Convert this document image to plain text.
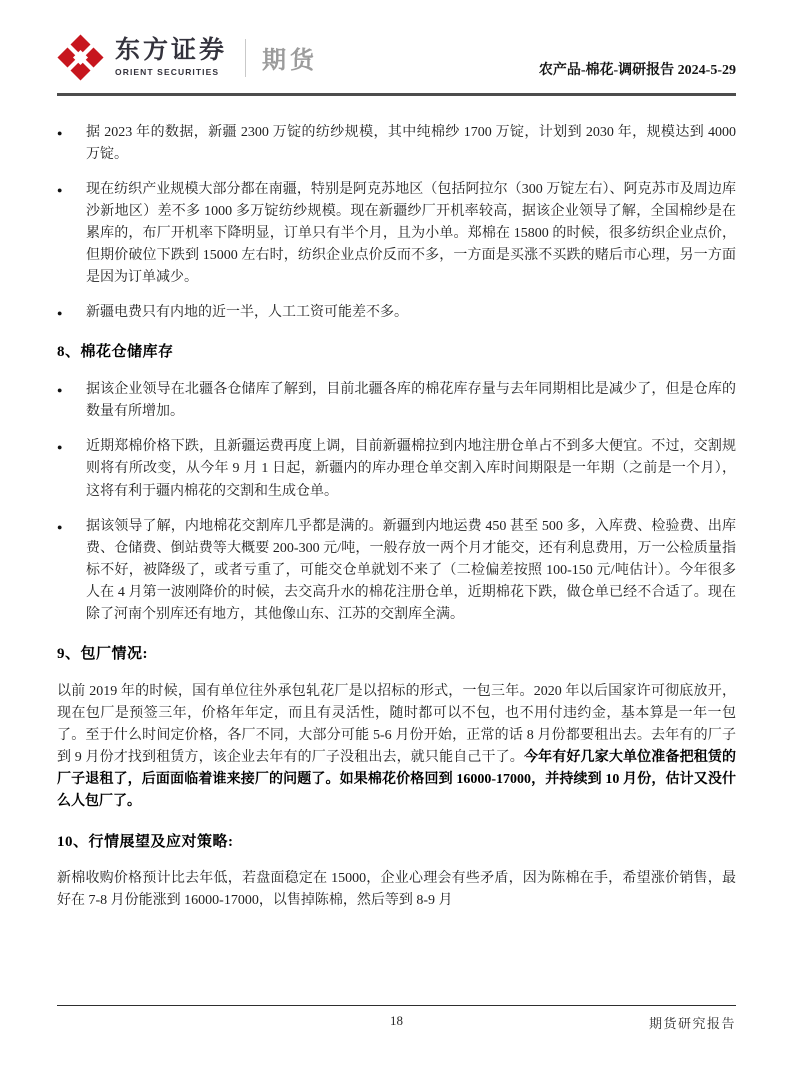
东方证券
ORIENT SECURITIES	期货	农产品-棉花-调研报告 2024-5-29
● 据 2023 年的数据，新疆 2300 万锭的纺纱规模，其中纯棉纱 1700 万锭，计划到 2030 年，规模达到 4000 万锭。
● 现在纺织产业规模大部分都在南疆，特别是阿克苏地区（包括阿拉尔（300 万锭左右）、阿克苏市及周边库沙新地区）差不多 1000 多万锭纺纱规模。现在新疆纱厂开机率较高，据该企业领导了解，全国棉纱是在累库的，布厂开机率下降明显，订单只有半个月，且为小单。郑棉在 15800 的时候，很多纺织企业点价，但期价破位下跌到 15000 左右时，纺织企业点价反而不多，一方面是买涨不买跌的赌后市心理，另一方面是因为订单减少。
● 新疆电费只有内地的近一半，人工工资可能差不多。
8、棉花仓储库存
● 据该企业领导在北疆各仓储库了解到，目前北疆各库的棉花库存量与去年同期相比是减少了，但是仓库的数量有所增加。
● 近期郑棉价格下跌，且新疆运费再度上调，目前新疆棉拉到内地注册仓单占不到多大便宜。不过，交割规则将有所改变，从今年 9 月 1 日起，新疆内的库办理仓单交割入库时间期限是一年期（之前是一个月），这将有利于疆内棉花的交割和生成仓单。
● 据该领导了解，内地棉花交割库几乎都是满的。新疆到内地运费 450 甚至 500 多，入库费、检验费、出库费、仓储费、倒站费等大概要 200-300 元/吨，一般存放一两个月才能交，还有利息费用，万一公检质量指标不好，被降级了，或者亏重了，可能交仓单就划不来了（二检偏差按照 100-150 元/吨估计）。今年很多人在 4 月第一波刚降价的时候，去交高升水的棉花注册仓单，近期棉花下跌，做仓单已经不合适了。现在除了河南个别库还有地方，其他像山东、江苏的交割库全满。
9、包厂情况:

以前 2019 年的时候，国有单位往外承包轧花厂是以招标的形式，一包三年。2020 年以后国家许可彻底放开，现在包厂是预签三年，价格年年定，而且有灵活性，随时都可以不包，也不用付违约金，基本算是一年一包了。至于什么时间定价格，各厂不同，大部分可能 5-6 月份开始，正常的话 8 月份都要租出去。去年有的厂子到 9 月份才找到租赁方，该企业去年有的厂子没租出去，就只能自己干了。今年有好几家大单位准备把租赁的厂子退租了，后面面临着谁来接厂的问题了。如果棉花价格回到 16000-17000，并持续到 10 月份，估计又没什么人包厂了。

10、行情展望及应对策略:

新棉收购价格预计比去年低，若盘面稳定在 15000，企业心理会有些矛盾，因为陈棉在手，希望涨价销售，最好在 7-8 月份能涨到 16000-17000，以售掉陈棉，然后等到 8-9 月

18	期货研究报告
